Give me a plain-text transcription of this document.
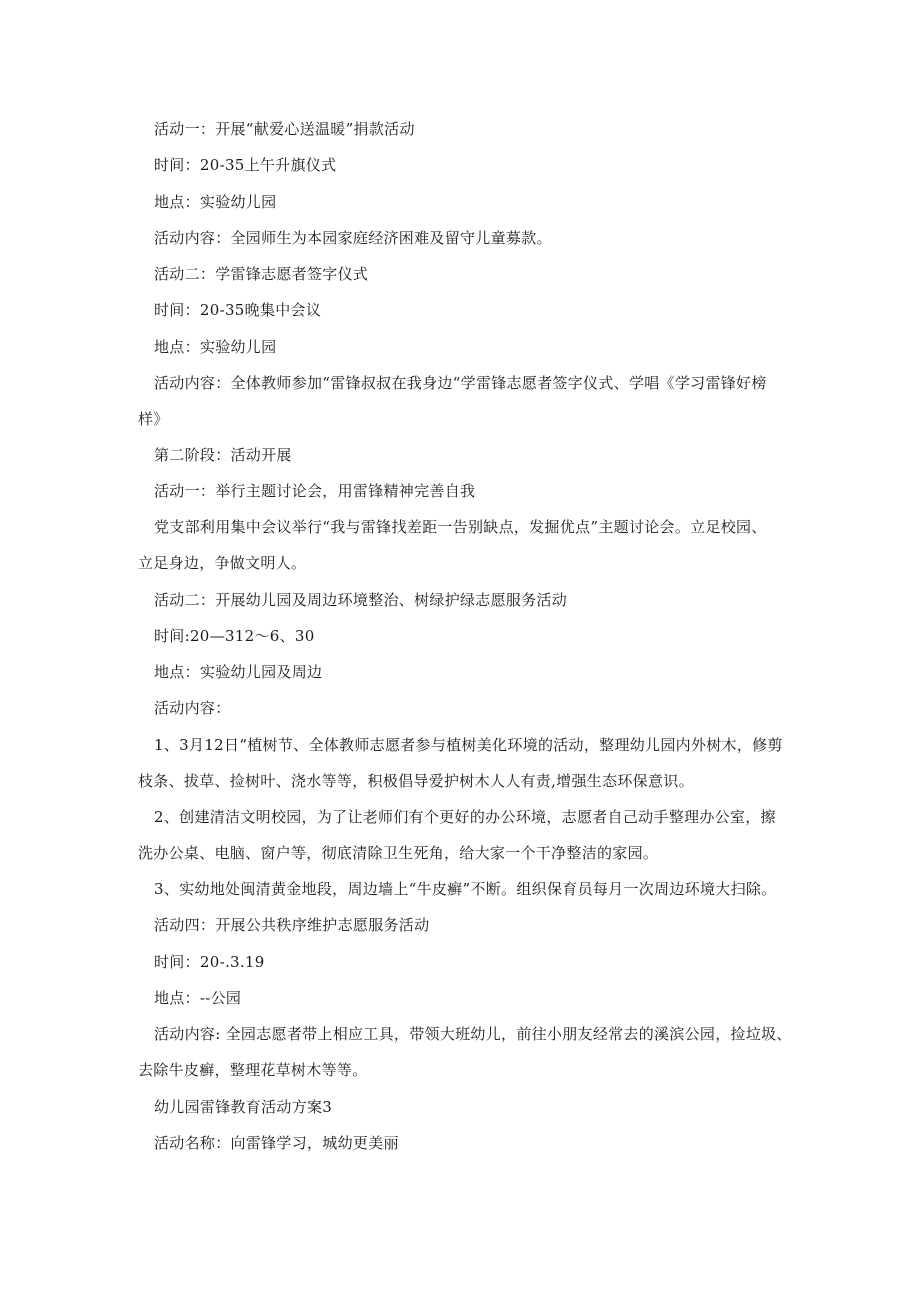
活动一：开展“献爱心送温暖”捐款活动

时间：20-35上午升旗仪式

地点：实验幼儿园

活动内容：全园师生为本园家庭经济困难及留守儿童募款。

活动二：学雷锋志愿者签字仪式

时间：20-35晚集中会议

地点：实验幼儿园

活动内容：全体教师参加“雷锋叔叔在我身边“学雷锋志愿者签字仪式、学唱《学习雷锋好榜
样》

第二阶段：活动开展

活动一：举行主题讨论会，用雷锋精神完善自我

党支部利用集中会议举行“我与雷锋找差距一告别缺点，发掘优点”主题讨论会。立足校园、
立足身边，争做文明人。

活动二：开展幼儿园及周边环境整治、树绿护绿志愿服务活动

时间:20—312～6、30

地点：实验幼儿园及周边

活动内容：

1、3月12日“植树节、全体教师志愿者参与植树美化环境的活动，整理幼儿园内外树木，修剪
枝条、拔草、捡树叶、浇水等等，积极倡导爱护树木人人有责,增强生态环保意识。

2、创建清洁文明校园，为了让老师们有个更好的办公环境，志愿者自己动手整理办公室，擦
洗办公桌、电脑、窗户等，彻底清除卫生死角，给大家一个干净整洁的家园。

3、实幼地处闽清黄金地段，周边墙上“牛皮癣”不断。组织保育员每月一次周边环境大扫除。

活动四：开展公共秩序维护志愿服务活动

时间：20-.3.19

地点：--公园

活动内容: 全园志愿者带上相应工具，带领大班幼儿，前往小朋友经常去的溪滨公园，捡垃圾、
去除牛皮癣，整理花草树木等等。

幼儿园雷锋教育活动方案3

活动名称：向雷锋学习，城幼更美丽
